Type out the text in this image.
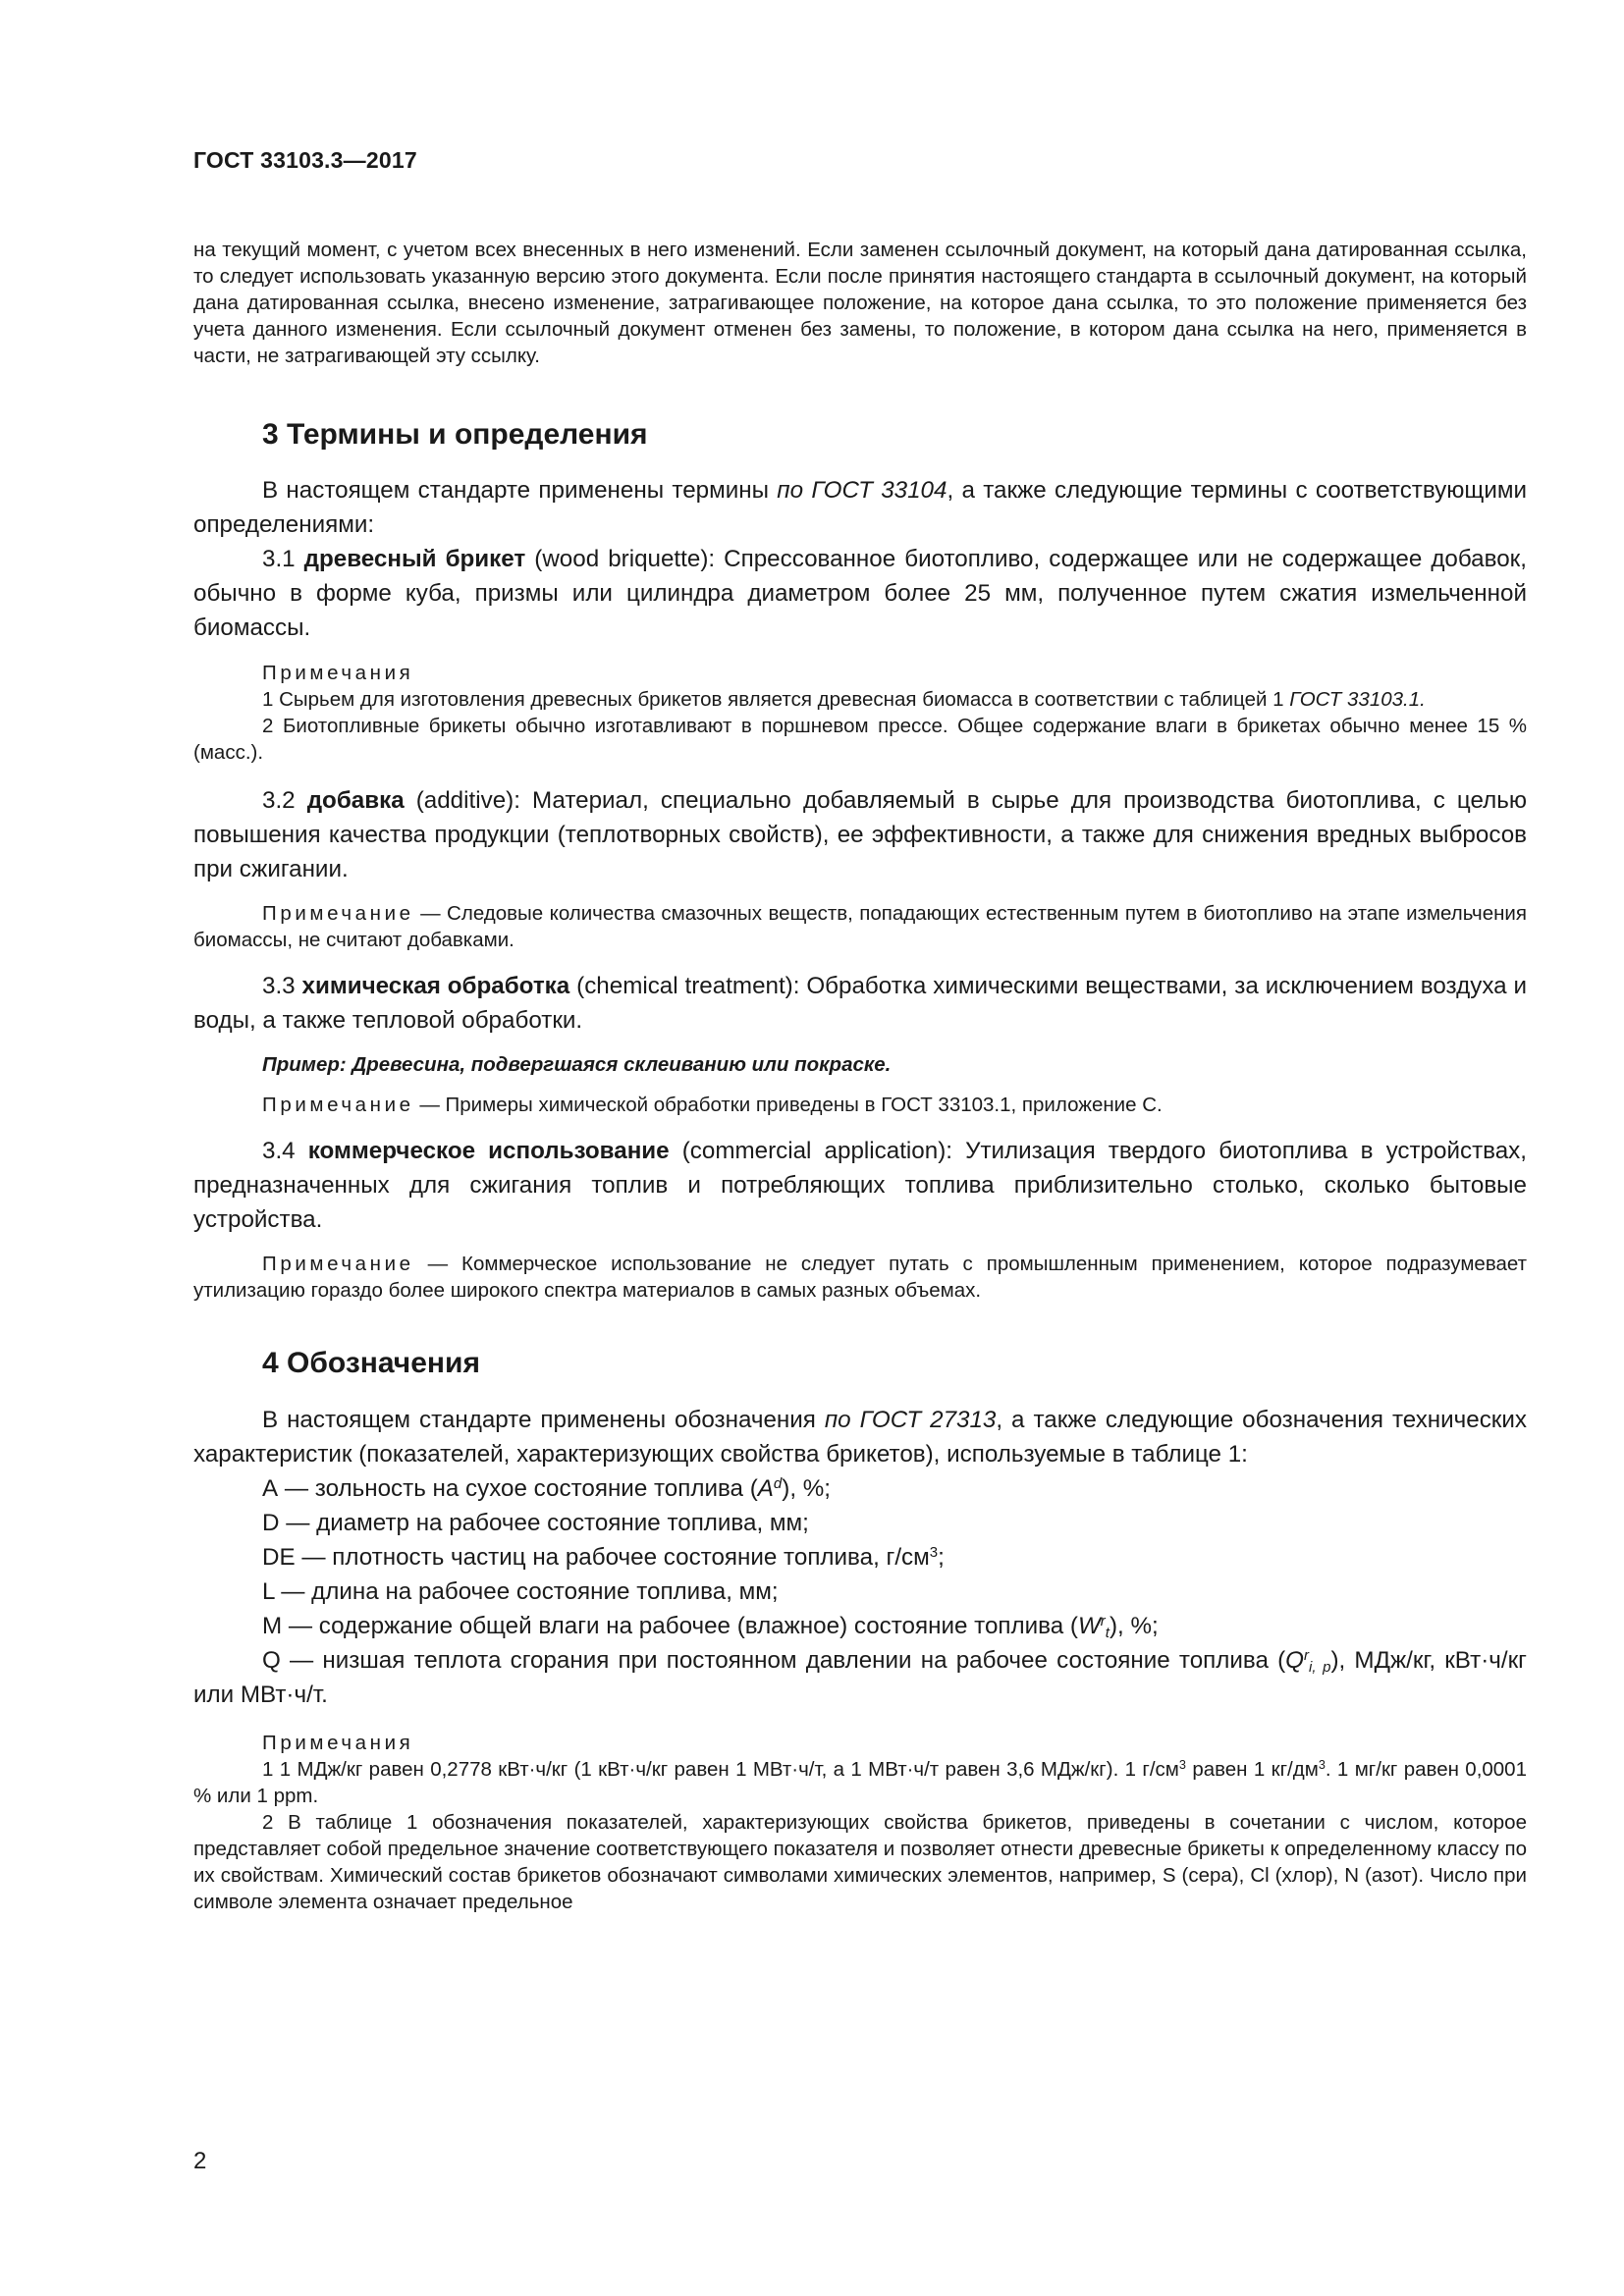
ГОСТ 33103.3—2017

на текущий момент, с учетом всех внесенных в него изменений. Если заменен ссылочный документ, на который дана датированная ссылка, то следует использовать указанную версию этого документа. Если после принятия настоящего стандарта в ссылочный документ, на который дана датированная ссылка, внесено изменение, затрагивающее положение, на которое дана ссылка, то это положение применяется без учета данного изменения. Если ссылочный документ отменен без замены, то положение, в котором дана ссылка на него, применяется в части, не затрагивающей эту ссылку.

3 Термины и определения

В настоящем стандарте применены термины по ГОСТ 33104, а также следующие термины с соответствующими определениями:

3.1 древесный брикет (wood briquette): Спрессованное биотопливо, содержащее или не содержащее добавок, обычно в форме куба, призмы или цилиндра диаметром более 25 мм, полученное путем сжатия измельченной биомассы.

Примечания

1 Сырьем для изготовления древесных брикетов является древесная биомасса в соответствии с таблицей 1 ГОСТ 33103.1.

2 Биотопливные брикеты обычно изготавливают в поршневом прессе. Общее содержание влаги в брикетах обычно менее 15 % (масс.).

3.2 добавка (additive): Материал, специально добавляемый в сырье для производства биотоплива, с целью повышения качества продукции (теплотворных свойств), ее эффективности, а также для снижения вредных выбросов при сжигании.

Примечание — Следовые количества смазочных веществ, попадающих естественным путем в биотопливо на этапе измельчения биомассы, не считают добавками.

3.3 химическая обработка (chemical treatment): Обработка химическими веществами, за исключением воздуха и воды, а также тепловой обработки.

Пример: Древесина, подвергшаяся склеиванию или покраске.

Примечание — Примеры химической обработки приведены в ГОСТ 33103.1, приложение С.

3.4 коммерческое использование (commercial application): Утилизация твердого биотоплива в устройствах, предназначенных для сжигания топлив и потребляющих топлива приблизительно столько, сколько бытовые устройства.

Примечание — Коммерческое использование не следует путать с промышленным применением, которое подразумевает утилизацию гораздо более широкого спектра материалов в самых разных объемах.

4 Обозначения

В настоящем стандарте применены обозначения по ГОСТ 27313, а также следующие обозначения технических характеристик (показателей, характеризующих свойства брикетов), используемые в таблице 1:

А — зольность на сухое состояние топлива $(A^d)$, %;
D — диаметр на рабочее состояние топлива, мм;
DE — плотность частиц на рабочее состояние топлива, $г/см^3$;
L — длина на рабочее состояние топлива, мм;
М — содержание общей влаги на рабочее (влажное) состояние топлива $(W^r_t)$, %;

Q — низшая теплота сгорания при постоянном давлении на рабочее состояние топлива $(Q^r_{i, p})$, МДж/кг, кВт·ч/кг или МВт·ч/т.

Примечания

1 1 МДж/кг равен 0,2778 кВт·ч/кг (1 кВт·ч/кг равен 1 МВт·ч/т, а 1 МВт·ч/т равен 3,6 МДж/кг). 1 $г/см^3$ равен 1 $кг/дм^3$. 1 мг/кг равен 0,0001 % или 1 ppm.

2 В таблице 1 обозначения показателей, характеризующих свойства брикетов, приведены в сочетании с числом, которое представляет собой предельное значение соответствующего показателя и позволяет отнести древесные брикеты к определенному классу по их свойствам. Химический состав брикетов обозначают символами химических элементов, например, S (сера), Cl (хлор), N (азот). Число при символе элемента означает предельное

2
